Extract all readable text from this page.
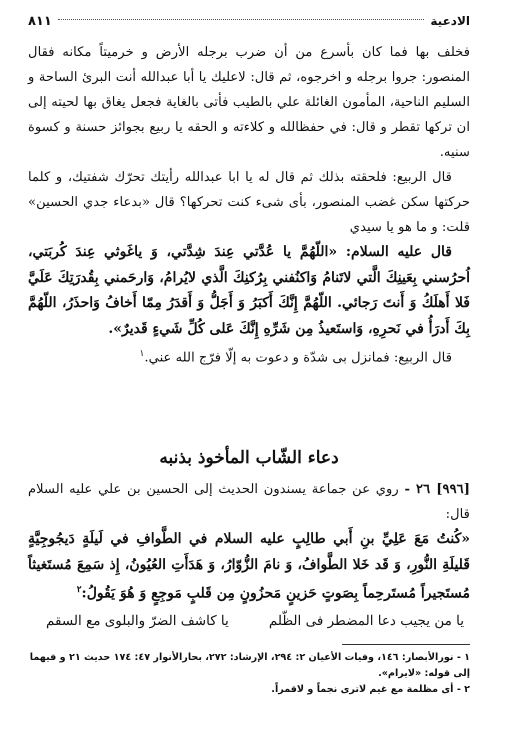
الادعية
٨١١

فخلف بها فما كان بأسرع من أن ضرب برجله الأرض و خرميتاً مكانه فقال المنصور: جروا برجله و اخرجوه، ثم قال: لاعليك يا أبا عبدالله أنت البرئ الساحة و السليم الناحية، المأمون الغائلة علي بالطيب فأتى بالغاية فجعل يغاق بها لحيته إلى ان تركها تقطر و قال: في حفظالله و كلاءته و الحقه يا ربيع بجوائز حسنة و كسوة سنيه.

قال الربيع: فلحقته بذلك ثم قال له يا ابا عبدالله رأيتك تحرّك شفتيك، و كلما حركتها سكن غضب المنصور، بأى شىء كنت تحركها؟ قال «بدعاء جدي الحسين» قلت: و ما هو يا سيدي

قال عليه السلام: «اللّهُمَّ يا عُدَّتي عِندَ شِدَّتي، وَ ياغَوثي عِندَ كُربَتي، اُحرُسني بِعَينِكَ الَّتي لاتَنامُ وَاكنُفني بِرُكنِكَ الَّذي لايُرامُ، وَارحَمني بِقُدرَتِكَ عَلَيَّ فَلا أَهلَكُ وَ أَنتَ رَجائي. اللّهُمَّ إِنَّكَ أَكبَرُ وَ أَجَلُّ وَ أَقدَرُ مِمّا أَخافُ وَاحذَرُ، اللّهُمَّ بِكَ أَدرَأُ في نَحرِهِ، وَاستَعيذُ مِن شَرِّهِ إِنَّكَ عَلى كُلِّ شَيءٍ قَديرٌ».

قال الربيع: فمانزل بى شدّة و دعوت به إلّا فرّج الله عني.$^١$

دعاء الشّاب المأخوذ بذنبه

[٩٩٦] ٢٦ - روي عن جماعة يسندون الحديث إلى الحسين بن علي عليه السلام قال:

«كُنتُ مَعَ عَلِيِّ بنِ أَبي طالِبٍ عليه السلام في الطَّوافِ في لَيلَةٍ دَيجُوجِيَّةٍ قَليلَةِ النُّورِ، وَ قَد خَلا الطَّوافُ، وَ نامَ الزُّوّارُ، وَ هَدَأَتِ العُيُونُ، إِذ سَمِعَ مُستَغيثاً مُستَجيراً مُستَرحِماً بِصَوتٍ حَزينٍ مَحزُونٍ مِن قَلبٍ مَوجِعٍ وَ هُوَ يَقُولُ:$^٢$

يا من يجيب دعا المضطر فى الظّلم
يا كاشف الضرّ والبلوى مع السقم

١ - نورالأبصار: ١٤٦، وفيات الأعيان ٢: ٢٩٤، الإرشاد: ٢٧٢، بحارالأنوار ٤٧: ١٧٤ حديث ٢١ و فيهما إلى قوله: «لايرام».

٢ - أى مظلمة مع غيم لاترى نجماً و لاقمراً.
